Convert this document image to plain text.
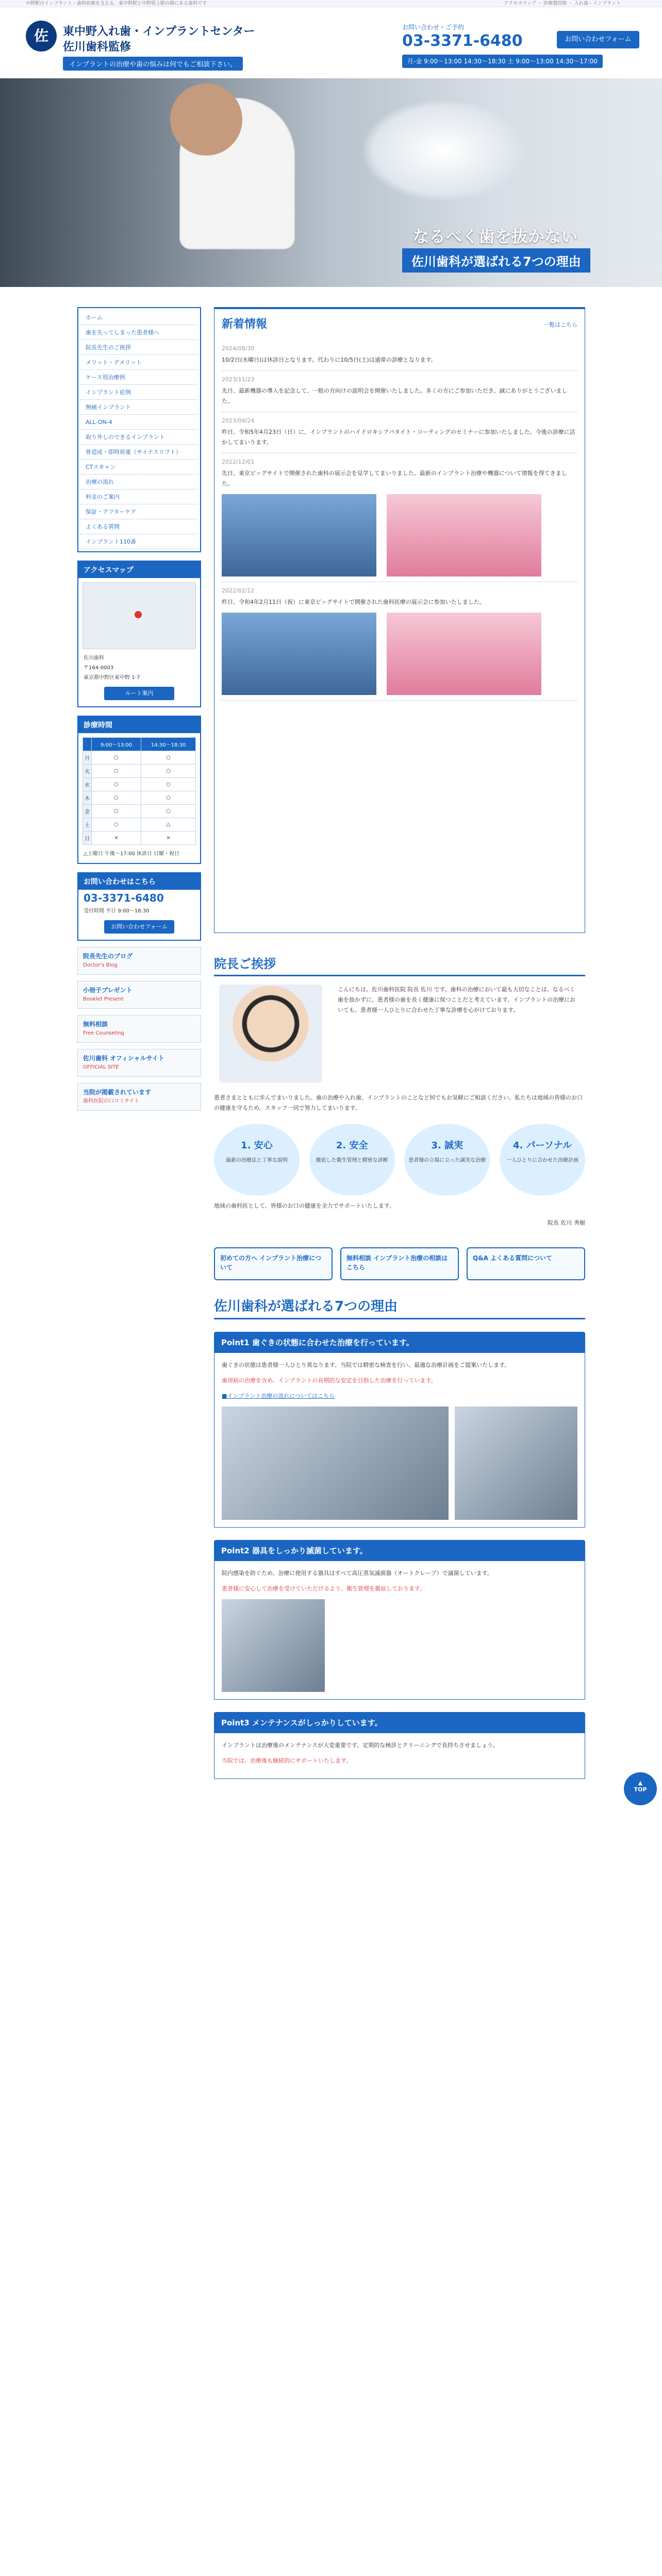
中野駅のインプラント・歯科医療を支える、東中野駅と中野坂上駅の間にある歯科です	アクセスマップ ・ 医療費控除 ・ 入れ歯・インプラント
佐	東中野入れ歯・インプラントセンター
佐川歯科監修
インプラントの治療や歯の悩みは何でもご相談下さい。
お問い合わせ・ご予約
03-3371-6480
月-金 9:00〜13:00 14:30〜18:30 土 9:00〜13:00 14:30〜17:00
お問い合わせフォーム
なるべく歯を抜かない
佐川歯科が選ばれる7つの理由
ホーム
歯を失ってしまった患者様へ
院長先生のご挨拶
メリット・デメリット
ケース別治療例
インプラント症例
無痛インプラント
ALL-ON-4
取り外しのできるインプラント
骨造成・即時荷重（サイナスリフト）
CTスキャン
治療の流れ
料金のご案内
保証・アフターケア
よくある質問
インプラント110番
アクセスマップ
佐川歯科
〒164-0003
東京都中野区東中野 1-7
ルート案内
診療時間
	9:00〜13:00	14:30〜18:30
月	○	○
火	○	○
水	○	○
木	○	○
金	○	○
土	○	△
日	×	×
△土曜日 午後〜17:00 休診日 日曜・祝日
お問い合わせはこちら
03-3371-6480
受付時間 平日 9:00〜18:30
お問い合わせフォーム
院長先生のブログ
Doctor's Blog
小冊子プレゼント
Booklet Present
無料相談
Free Counseling
佐川歯科 オフィシャルサイト
OFFICIAL SITE
当院が掲載されています
歯科医院の口コミサイト
新着情報	一覧はこちら
2024/08/30
10/2日(水曜日)は休診日となります。代わりに10/5日(土)は通常の診療となります。
2023/11/23
先日、最新機器の導入を記念して、一般の方向けの説明会を開催いたしました。多くの方にご参加いただき、誠にありがとうございました。
2023/04/24
昨日、令和5年4月23日（日）に、インプラントのハイドロキシアパタイト・コーティングのセミナーに参加いたしました。今後の診療に活かしてまいります。
2022/12/01
先日、東京ビッグサイトで開催された歯科の展示会を見学してまいりました。最新のインプラント治療や機器について情報を得てきました。
2022/02/12
昨日、令和4年2月11日（祝）に東京ビッグサイトで開催された歯科医療の展示会に参加いたしました。
院長ご挨拶
こんにちは。佐川歯科医院 院長 佐川 です。歯科の治療において最も大切なことは、なるべく歯を抜かずに、患者様の歯を長く健康に保つことだと考えています。インプラントの治療においても、患者様一人ひとりに合わせた丁寧な診療を心がけております。
患者さまとともに歩んでまいりました。歯の治療や入れ歯、インプラントのことなど何でもお気軽にご相談ください。私たちは地域の皆様のお口の健康を守るため、スタッフ一同で努力してまいります。
1. 安心
最新の治療法と丁寧な説明
2. 安全
徹底した衛生管理と精密な診断
3. 誠実
患者様の立場に立った誠実な治療
4. パーソナル
一人ひとりに合わせた治療計画
地域の歯科医として、皆様のお口の健康を全力でサポートいたします。
院長 佐川 秀樹
初めての方へ インプラント治療について
無料相談 インプラント治療の相談はこちら
Q&A よくある質問について
佐川歯科が選ばれる7つの理由
Point1 歯ぐきの状態に合わせた治療を行っています。

歯ぐきの状態は患者様一人ひとり異なります。当院では精密な検査を行い、最適な治療計画をご提案いたします。

歯周病の治療を含め、インプラントの長期的な安定を目指した治療を行っています。

■インプラント治療の流れについてはこちら

Point2 器具をしっかり滅菌しています。

院内感染を防ぐため、治療に使用する器具はすべて高圧蒸気滅菌器（オートクレーブ）で滅菌しています。

患者様に安心して治療を受けていただけるよう、衛生管理を徹底しております。

Point3 メンテナンスがしっかりしています。

インプラントは治療後のメンテナンスが大変重要です。定期的な検診とクリーニングで長持ちさせましょう。

当院では、治療後も継続的にサポートいたします。

▲
TOP
